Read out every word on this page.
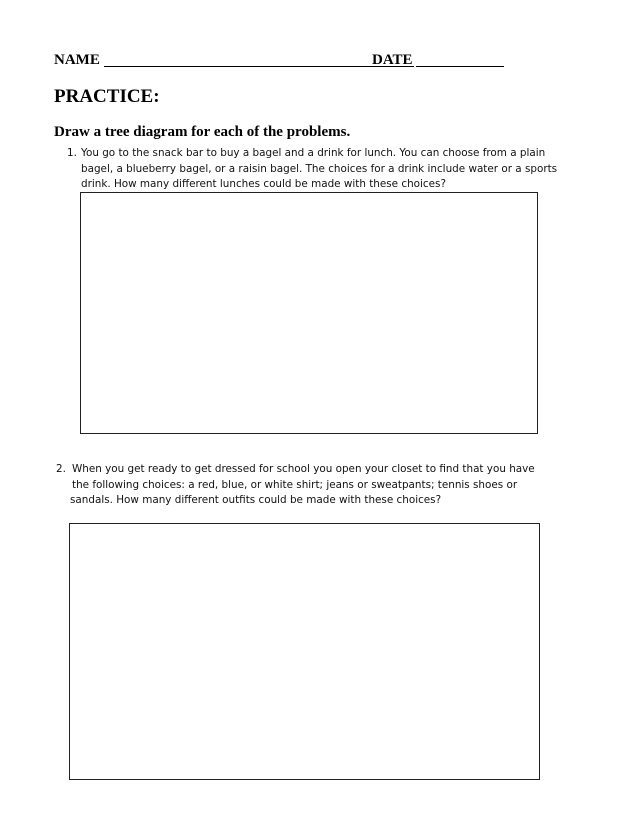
NAME	DATE
PRACTICE:
Draw a tree diagram for each of the problems.
1. You go to the snack bar to buy a bagel and a drink for lunch. You can choose from a plain
bagel, a blueberry bagel, or a raisin bagel. The choices for a drink include water or a sports
drink. How many different lunches could be made with these choices?
2. When you get ready to get dressed for school you open your closet to find that you have
the following choices: a red, blue, or white shirt; jeans or sweatpants; tennis shoes or
sandals. How many different outfits could be made with these choices?
